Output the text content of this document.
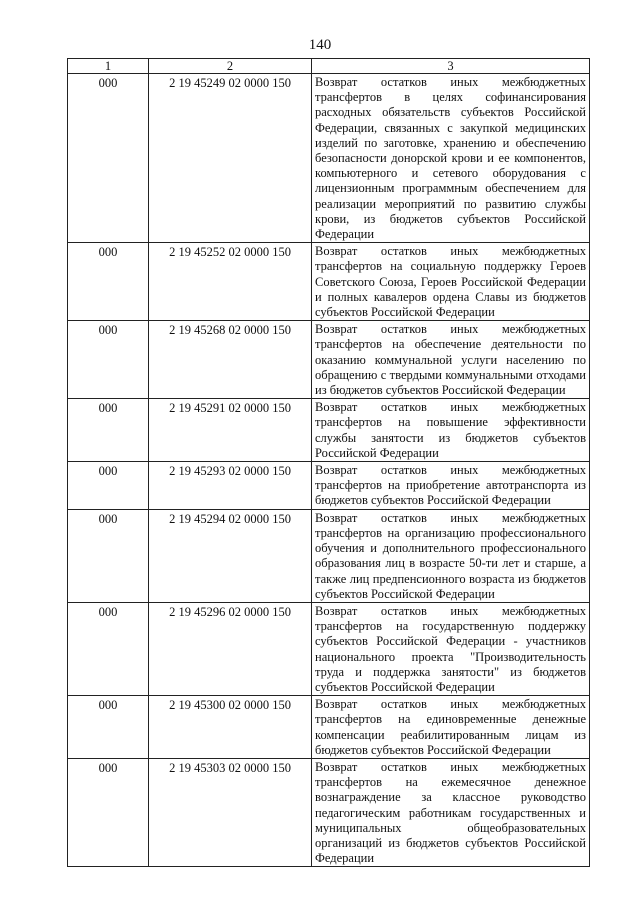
140
1	2	3
000	2 19 45249 02 0000 150	Возврат остатков иных межбюджетных трансфертов в целях софинансирования расходных обязательств субъектов Российской Федерации, связанных с закупкой медицинских изделий по заготовке, хранению и обеспечению безопасности донорской крови и ее компонентов, компьютерного и сетевого оборудования с лицензионным программным обеспечением для реализации мероприятий по развитию службы крови, из бюджетов субъектов Российской Федерации
000	2 19 45252 02 0000 150	Возврат остатков иных межбюджетных трансфертов на социальную поддержку Героев Советского Союза, Героев Российской Федерации и полных кавалеров ордена Славы из бюджетов субъектов Российской Федерации
000	2 19 45268 02 0000 150	Возврат остатков иных межбюджетных трансфертов на обеспечение деятельности по оказанию коммунальной услуги населению по обращению с твердыми коммунальными отходами из бюджетов субъектов Российской Федерации
000	2 19 45291 02 0000 150	Возврат остатков иных межбюджетных трансфертов на повышение эффективности службы занятости из бюджетов субъектов Российской Федерации
000	2 19 45293 02 0000 150	Возврат остатков иных межбюджетных трансфертов на приобретение автотранспорта из бюджетов субъектов Российской Федерации
000	2 19 45294 02 0000 150	Возврат остатков иных межбюджетных трансфертов на организацию профессионального обучения и дополнительного профессионального образования лиц в возрасте 50-ти лет и старше, а также лиц предпенсионного возраста из бюджетов субъектов Российской Федерации
000	2 19 45296 02 0000 150	Возврат остатков иных межбюджетных трансфертов на государственную поддержку субъектов Российской Федерации - участников национального проекта "Производительность труда и поддержка занятости" из бюджетов субъектов Российской Федерации
000	2 19 45300 02 0000 150	Возврат остатков иных межбюджетных трансфертов на единовременные денежные компенсации реабилитированным лицам из бюджетов субъектов Российской Федерации
000	2 19 45303 02 0000 150	Возврат остатков иных межбюджетных трансфертов на ежемесячное денежное вознаграждение за классное руководство педагогическим работникам государственных и муниципальных общеобразовательных организаций из бюджетов субъектов Российской Федерации
